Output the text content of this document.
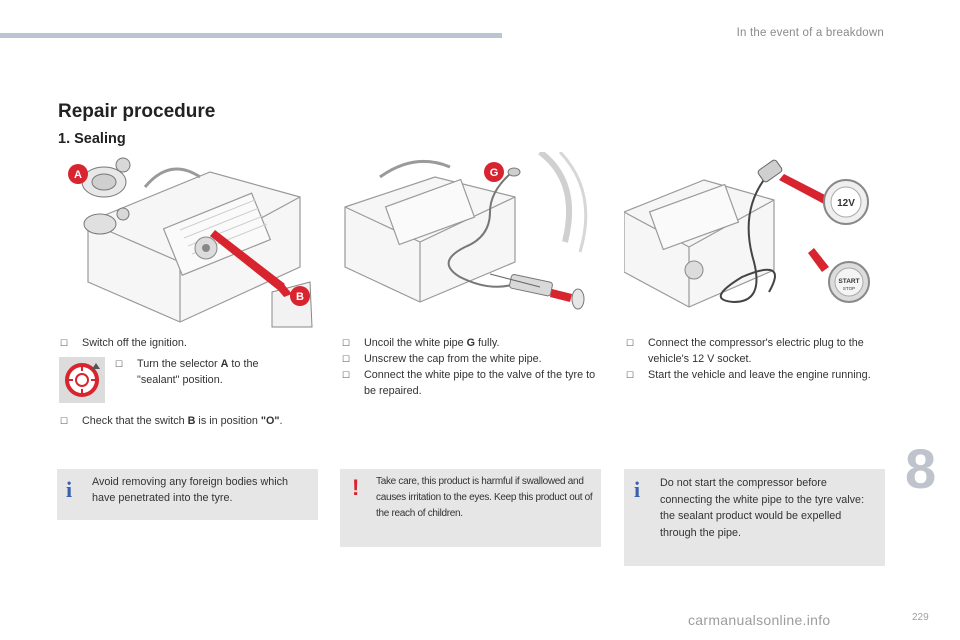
In the event of a breakdown
Repair procedure
1. Sealing
A
B
G
12V
START
STOP
☐	Switch off the ignition.
☐	Turn the selector A to the "sealant" position.
☐	Check that the switch B is in position "O".
☐	Uncoil the white pipe G fully.
☐	Unscrew the cap from the white pipe.
☐	Connect the white pipe to the valve of the tyre to be repaired.
☐	Connect the compressor's electric plug to the vehicle's 12 V socket.
☐	Start the vehicle and leave the engine running.
i Avoid removing any foreign bodies which have penetrated into the tyre.	! Take care, this product is harmful if swallowed and causes irritation to the eyes. Keep this product out of the reach of children.
i Do not start the compressor before connecting the white pipe to the tyre valve: the sealant product would be expelled through the pipe.
8
carmanualsonline.info	229
